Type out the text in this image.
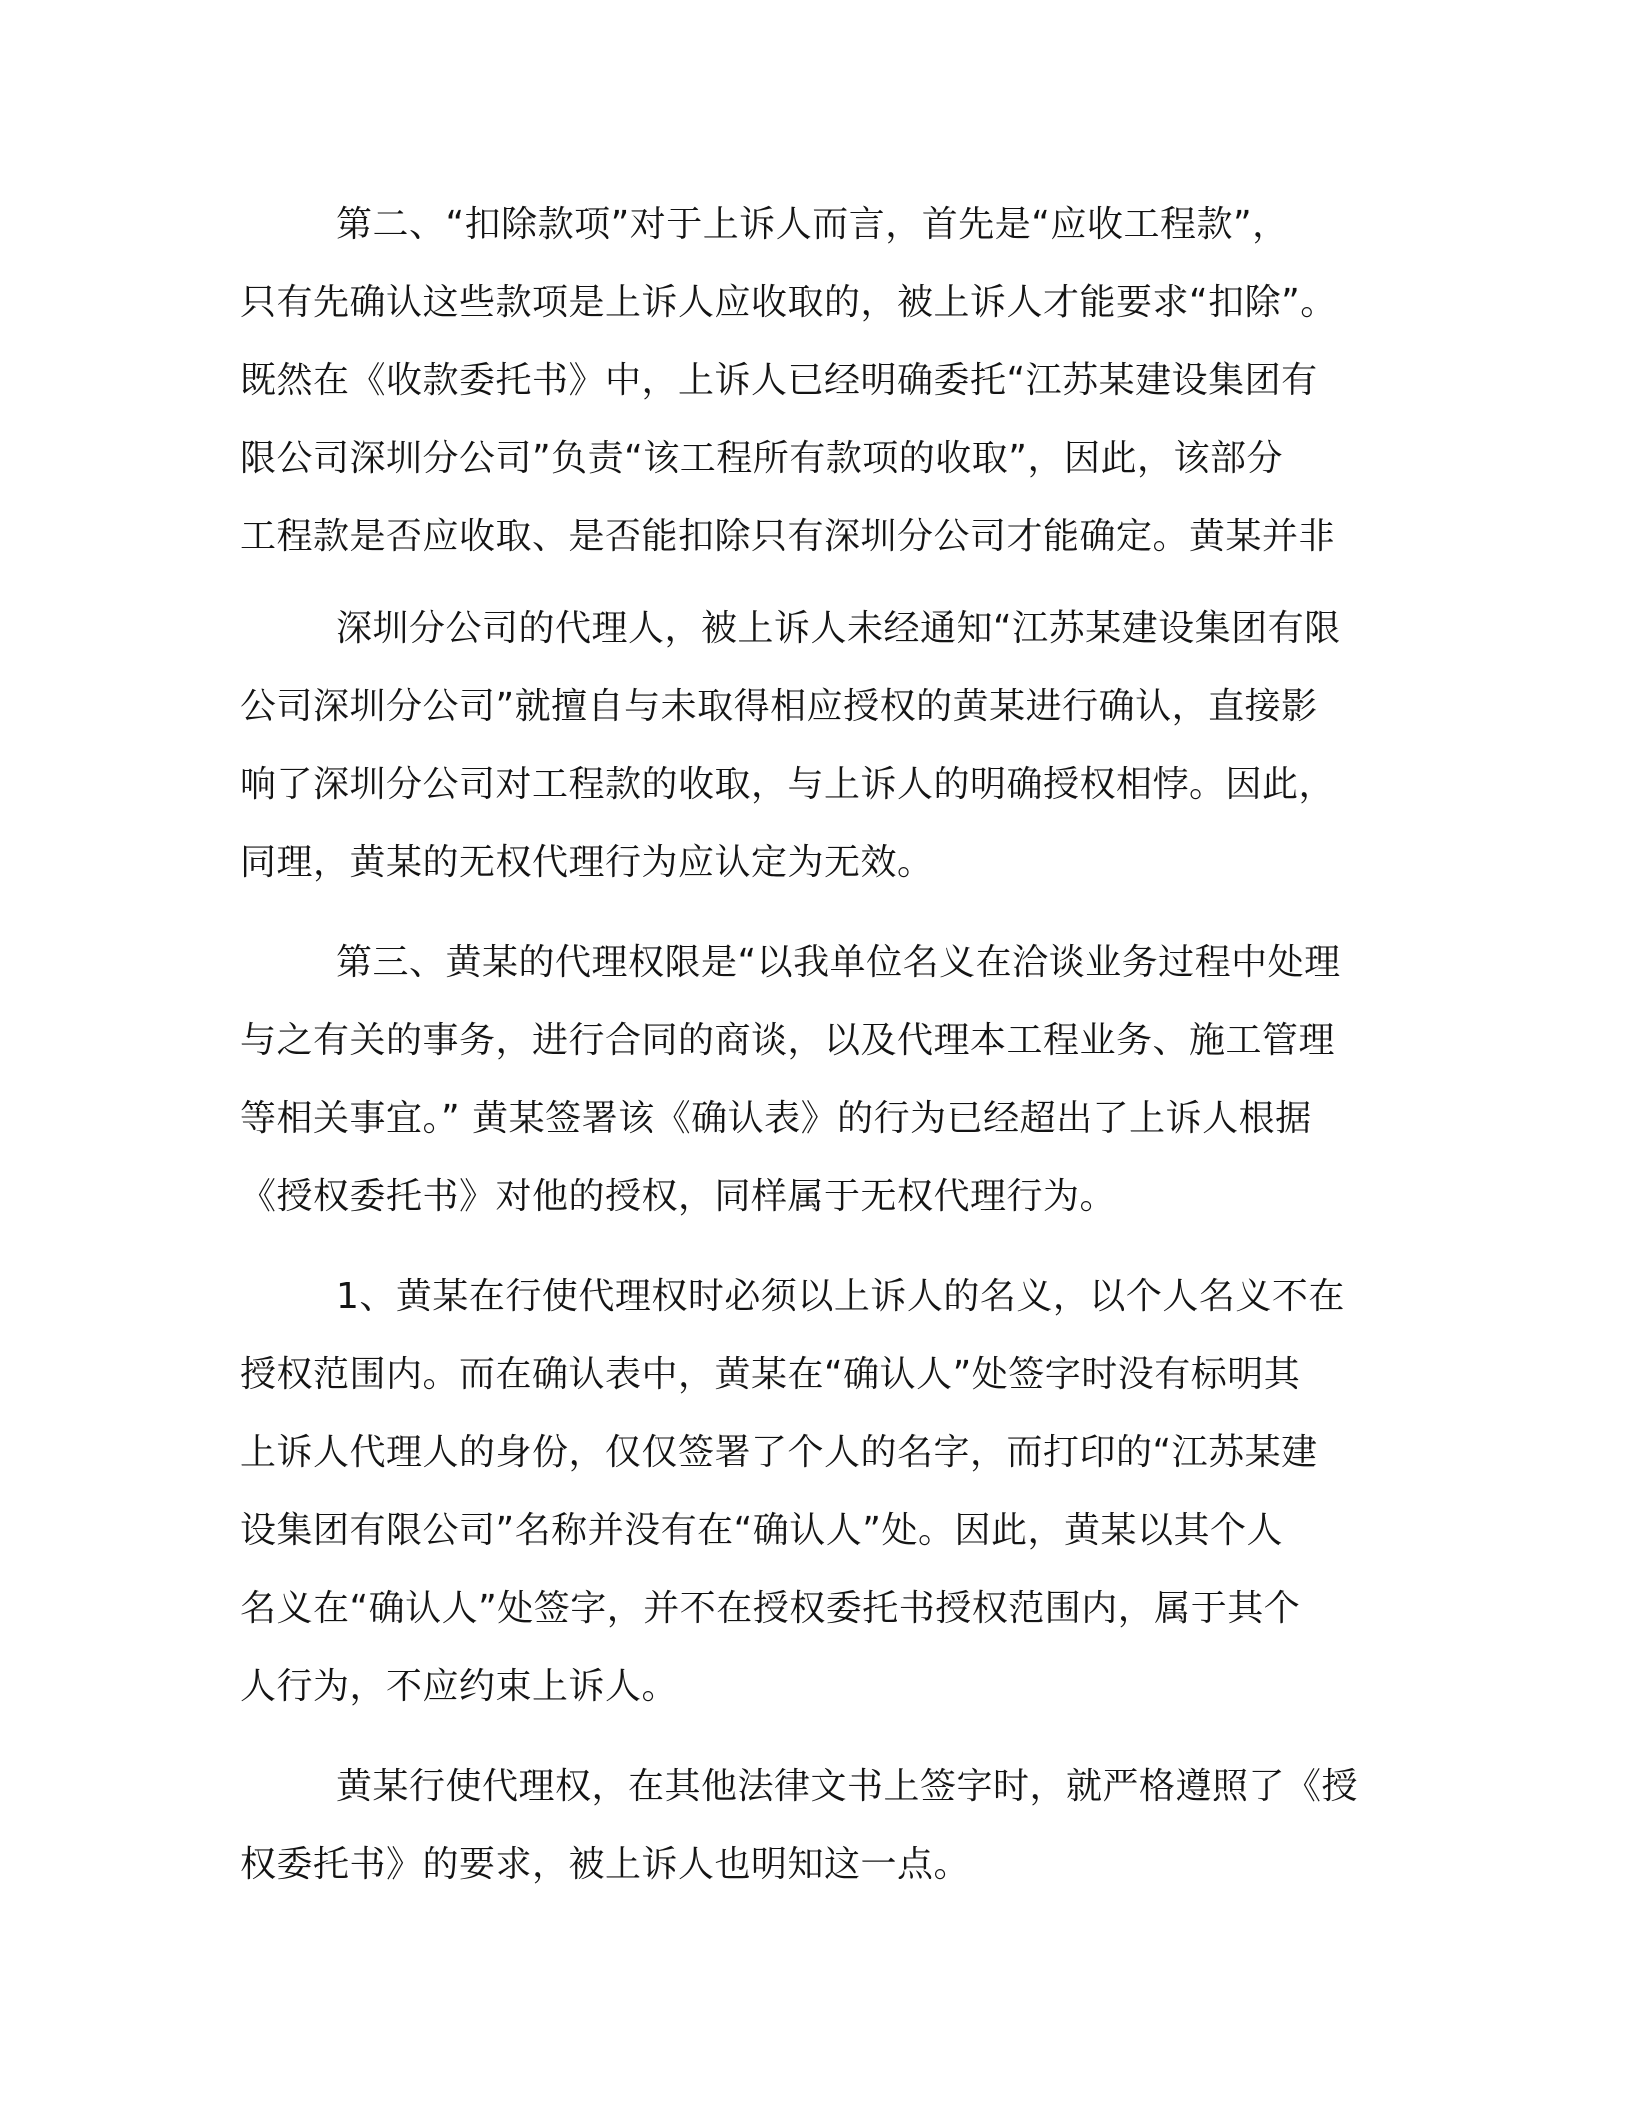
第二、“扣除款项”对于上诉人而言，首先是“应收工程款”，
只有先确认这些款项是上诉人应收取的，被上诉人才能要求“扣除”。
既然在《收款委托书》中，上诉人已经明确委托“江苏某建设集团有
限公司深圳分公司”负责“该工程所有款项的收取”，因此，该部分
工程款是否应收取、是否能扣除只有深圳分公司才能确定。黄某并非
深圳分公司的代理人，被上诉人未经通知“江苏某建设集团有限
公司深圳分公司”就擅自与未取得相应授权的黄某进行确认，直接影
响了深圳分公司对工程款的收取，与上诉人的明确授权相悖。因此，
同理，黄某的无权代理行为应认定为无效。
第三、黄某的代理权限是“以我单位名义在洽谈业务过程中处理
与之有关的事务，进行合同的商谈，以及代理本工程业务、施工管理
等相关事宜。” 黄某签署该《确认表》的行为已经超出了上诉人根据
《授权委托书》对他的授权，同样属于无权代理行为。
1、黄某在行使代理权时必须以上诉人的名义，以个人名义不在
授权范围内。而在确认表中，黄某在“确认人”处签字时没有标明其
上诉人代理人的身份，仅仅签署了个人的名字，而打印的“江苏某建
设集团有限公司”名称并没有在“确认人”处。因此，黄某以其个人
名义在“确认人”处签字，并不在授权委托书授权范围内，属于其个
人行为，不应约束上诉人。
黄某行使代理权，在其他法律文书上签字时，就严格遵照了《授
权委托书》的要求，被上诉人也明知这一点。
